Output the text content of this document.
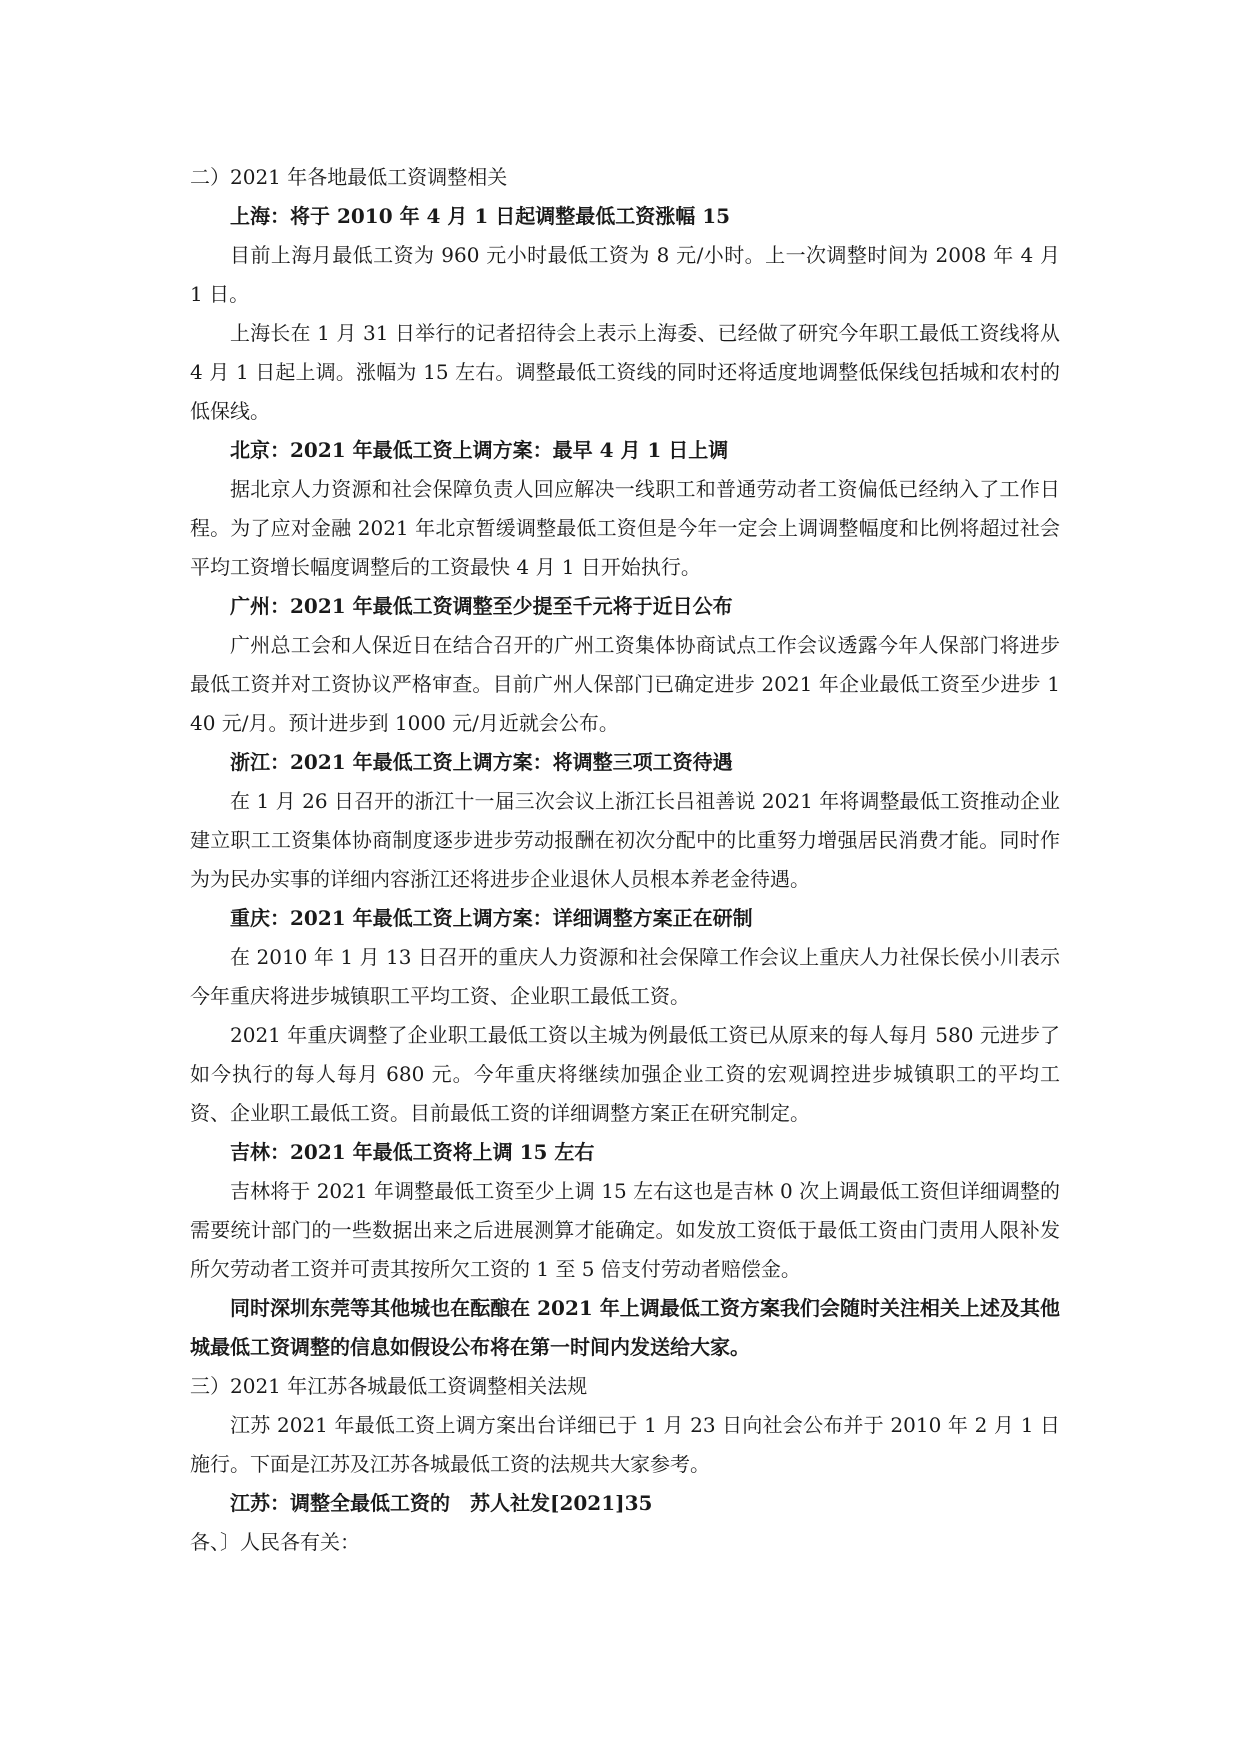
二）2021 年各地最低工资调整相关

上海：将于 2010 年 4 月 1 日起调整最低工资涨幅 15

目前上海月最低工资为 960 元小时最低工资为 8 元/小时。上一次调整时间为 2008 年 4 月 1 日。

上海长在 1 月 31 日举行的记者招待会上表示上海委、已经做了研究今年职工最低工资线将从 4 月 1 日起上调。涨幅为 15 左右。调整最低工资线的同时还将适度地调整低保线包括城和农村的低保线。

北京：2021 年最低工资上调方案：最早 4 月 1 日上调

据北京人力资源和社会保障负责人回应解决一线职工和普通劳动者工资偏低已经纳入了工作日程。为了应对金融 2021 年北京暂缓调整最低工资但是今年一定会上调调整幅度和比例将超过社会平均工资增长幅度调整后的工资最快 4 月 1 日开始执行。

广州：2021 年最低工资调整至少提至千元将于近日公布

广州总工会和人保近日在结合召开的广州工资集体协商试点工作会议透露今年人保部门将进步最低工资并对工资协议严格审查。目前广州人保部门已确定进步 2021 年企业最低工资至少进步 140 元/月。预计进步到 1000 元/月近就会公布。

浙江：2021 年最低工资上调方案：将调整三项工资待遇

在 1 月 26 日召开的浙江十一届三次会议上浙江长吕祖善说 2021 年将调整最低工资推动企业建立职工工资集体协商制度逐步进步劳动报酬在初次分配中的比重努力增强居民消费才能。同时作为为民办实事的详细内容浙江还将进步企业退休人员根本养老金待遇。

重庆：2021 年最低工资上调方案：详细调整方案正在研制

在 2010 年 1 月 13 日召开的重庆人力资源和社会保障工作会议上重庆人力社保长侯小川表示今年重庆将进步城镇职工平均工资、企业职工最低工资。

2021 年重庆调整了企业职工最低工资以主城为例最低工资已从原来的每人每月 580 元进步了如今执行的每人每月 680 元。今年重庆将继续加强企业工资的宏观调控进步城镇职工的平均工资、企业职工最低工资。目前最低工资的详细调整方案正在研究制定。

吉林：2021 年最低工资将上调 15 左右

吉林将于 2021 年调整最低工资至少上调 15 左右这也是吉林 0 次上调最低工资但详细调整的需要统计部门的一些数据出来之后进展测算才能确定。如发放工资低于最低工资由门责用人限补发所欠劳动者工资并可责其按所欠工资的 1 至 5 倍支付劳动者赔偿金。

同时深圳东莞等其他城也在酝酿在 2021 年上调最低工资方案我们会随时关注相关上述及其他城最低工资调整的信息如假设公布将在第一时间内发送给大家。

三）2021 年江苏各城最低工资调整相关法规

江苏 2021 年最低工资上调方案出台详细已于 1 月 23 日向社会公布并于 2010 年 2 月 1 日施行。下面是江苏及江苏各城最低工资的法规共大家参考。

江苏：调整全最低工资的　苏人社发[2021]35

各、〕人民各有关：
